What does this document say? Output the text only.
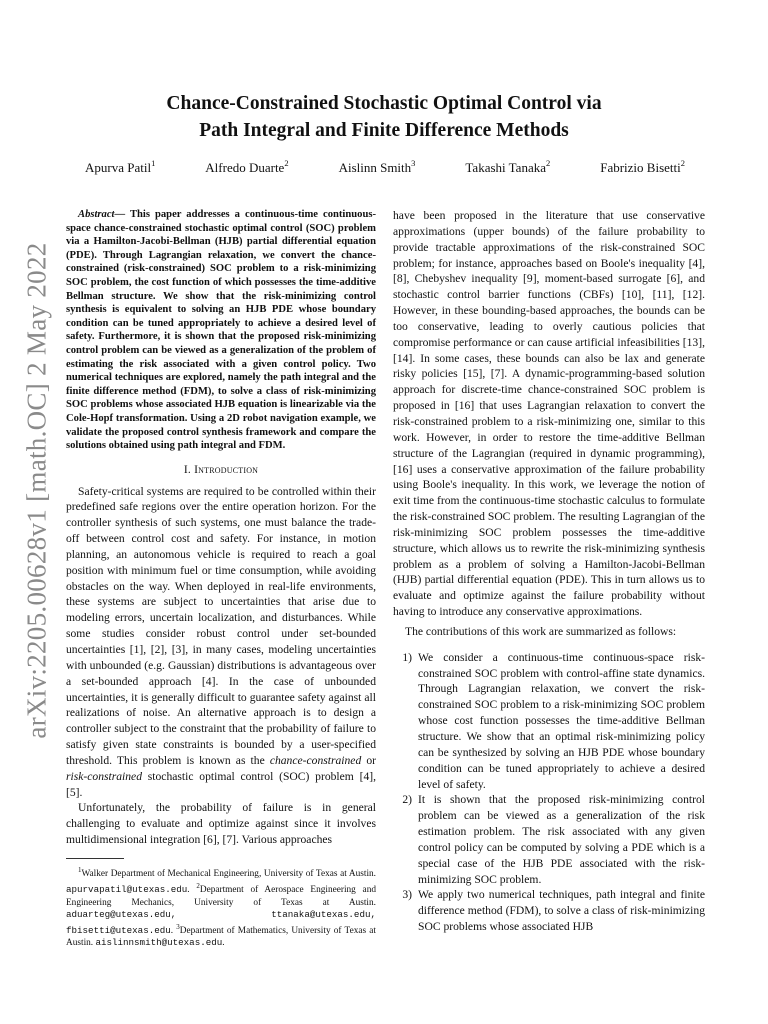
arXiv:2205.00628v1 [math.OC] 2 May 2022
Chance-Constrained Stochastic Optimal Control via
Path Integral and Finite Difference Methods
Apurva Patil$^1$	Alfredo Duarte$^2$	Aislinn Smith$^3$	Takashi Tanaka$^2$	Fabrizio Bisetti$^2$

Abstract— This paper addresses a continuous-time continuous-space chance-constrained stochastic optimal control (SOC) problem via a Hamilton-Jacobi-Bellman (HJB) partial differential equation (PDE). Through Lagrangian relaxation, we convert the chance-constrained (risk-constrained) SOC problem to a risk-minimizing SOC problem, the cost function of which possesses the time-additive Bellman structure. We show that the risk-minimizing control synthesis is equivalent to solving an HJB PDE whose boundary condition can be tuned appropriately to achieve a desired level of safety. Furthermore, it is shown that the proposed risk-minimizing control problem can be viewed as a generalization of the problem of estimating the risk associated with a given control policy. Two numerical techniques are explored, namely the path integral and the finite difference method (FDM), to solve a class of risk-minimizing SOC problems whose associated HJB equation is linearizable via the Cole-Hopf transformation. Using a 2D robot navigation example, we validate the proposed control synthesis framework and compare the solutions obtained using path integral and FDM.

I. Introduction

Safety-critical systems are required to be controlled within their predefined safe regions over the entire operation horizon. For the controller synthesis of such systems, one must balance the trade-off between control cost and safety. For instance, in motion planning, an autonomous vehicle is required to reach a goal position with minimum fuel or time consumption, while avoiding obstacles on the way. When deployed in real-life environments, these systems are subject to uncertainties that arise due to modeling errors, uncertain localization, and disturbances. While some studies consider robust control under set-bounded uncertainties [1], [2], [3], in many cases, modeling uncertainties with unbounded (e.g. Gaussian) distributions is advantageous over a set-bounded approach [4]. In the case of unbounded uncertainties, it is generally difficult to guarantee safety against all realizations of noise. An alternative approach is to design a controller subject to the constraint that the probability of failure to satisfy given state constraints is bounded by a user-specified threshold. This problem is known as the chance-constrained or risk-constrained stochastic optimal control (SOC) problem [4], [5].

Unfortunately, the probability of failure is in general challenging to evaluate and optimize against since it involves multidimensional integration [6], [7]. Various approaches

$^1$Walker Department of Mechanical Engineering, University of Texas at Austin. apurvapatil@utexas.edu. $^2$Department of Aerospace Engineering and Engineering Mechanics, University of Texas at Austin. aduarteg@utexas.edu, ttanaka@utexas.edu, fbisetti@utexas.edu. $^3$Department of Mathematics, University of Texas at Austin. aislinnsmith@utexas.edu.

have been proposed in the literature that use conservative approximations (upper bounds) of the failure probability to provide tractable approximations of the risk-constrained SOC problem; for instance, approaches based on Boole's inequality [4], [8], Chebyshev inequality [9], moment-based surrogate [6], and stochastic control barrier functions (CBFs) [10], [11], [12]. However, in these bounding-based approaches, the bounds can be too conservative, leading to overly cautious policies that compromise performance or can cause artificial infeasibilities [13], [14]. In some cases, these bounds can also be lax and generate risky policies [15], [7]. A dynamic-programming-based solution approach for discrete-time chance-constrained SOC problem is proposed in [16] that uses Lagrangian relaxation to convert the risk-constrained problem to a risk-minimizing one, similar to this work. However, in order to restore the time-additive Bellman structure of the Lagrangian (required in dynamic programming), [16] uses a conservative approximation of the failure probability using Boole's inequality. In this work, we leverage the notion of exit time from the continuous-time stochastic calculus to formulate the risk-constrained SOC problem. The resulting Lagrangian of the risk-minimizing SOC problem possesses the time-additive structure, which allows us to rewrite the risk-minimizing synthesis problem as a problem of solving a Hamilton-Jacobi-Bellman (HJB) partial differential equation (PDE). This in turn allows us to evaluate and optimize against the failure probability without having to introduce any conservative approximations.

The contributions of this work are summarized as follows:

1) We consider a continuous-time continuous-space risk-constrained SOC problem with control-affine state dynamics. Through Lagrangian relaxation, we convert the risk-constrained SOC problem to a risk-minimizing SOC problem whose cost function possesses the time-additive Bellman structure. We show that an optimal risk-minimizing policy can be synthesized by solving an HJB PDE whose boundary condition can be tuned appropriately to achieve a desired level of safety.
2) It is shown that the proposed risk-minimizing control problem can be viewed as a generalization of the risk estimation problem. The risk associated with any given control policy can be computed by solving a PDE which is a special case of the HJB PDE associated with the risk-minimizing SOC problem.
3) We apply two numerical techniques, path integral and finite difference method (FDM), to solve a class of risk-minimizing SOC problems whose associated HJB
